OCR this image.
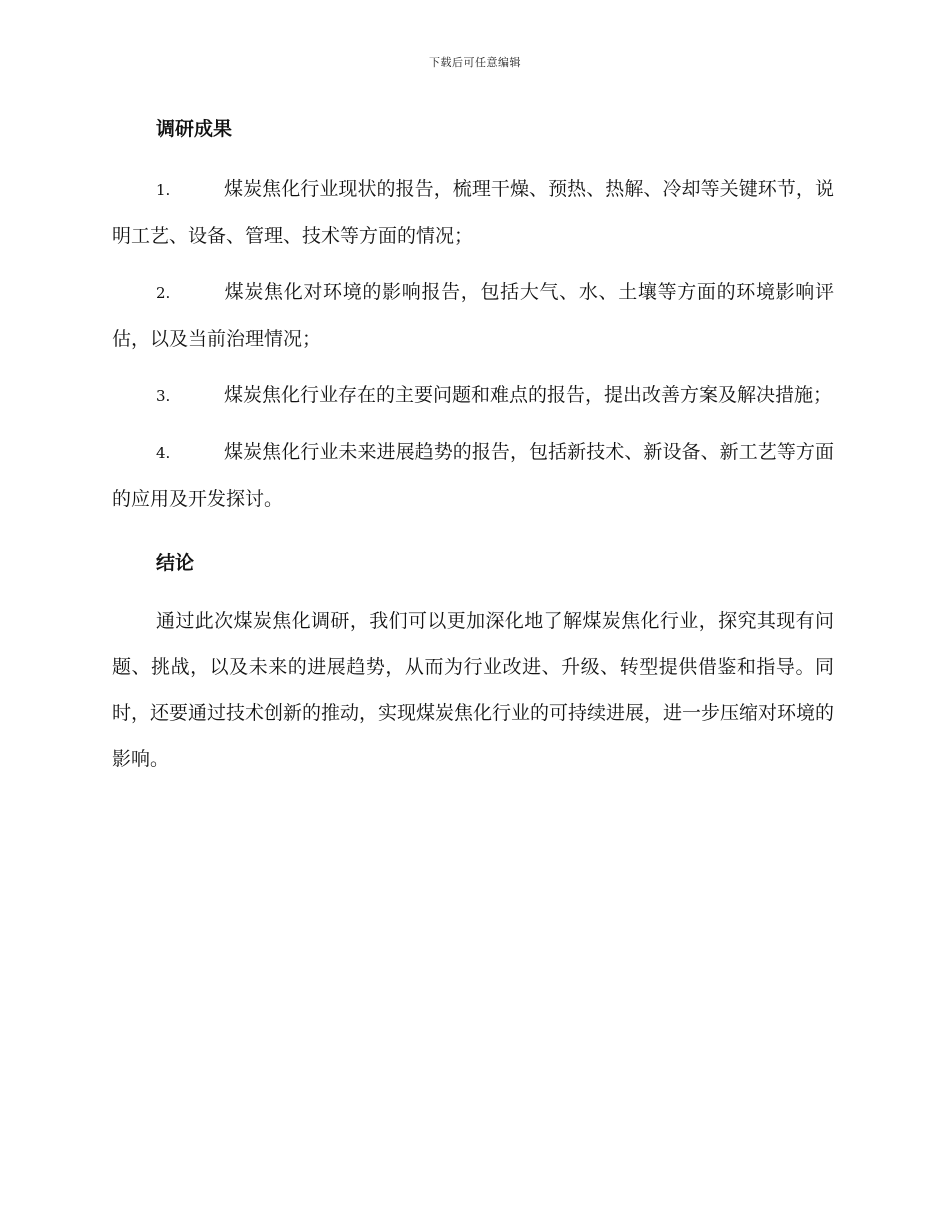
下载后可任意编辑
调研成果
1.	煤炭焦化行业现状的报告，梳理干燥、预热、热解、冷却等关键环节，说明工艺、设备、管理、技术等方面的情况；
2.	煤炭焦化对环境的影响报告，包括大气、水、土壤等方面的环境影响评估，以及当前治理情况；
3.	煤炭焦化行业存在的主要问题和难点的报告，提出改善方案及解决措施；
4.	煤炭焦化行业未来进展趋势的报告，包括新技术、新设备、新工艺等方面的应用及开发探讨。
结论

通过此次煤炭焦化调研，我们可以更加深化地了解煤炭焦化行业，探究其现有问题、挑战，以及未来的进展趋势，从而为行业改进、升级、转型提供借鉴和指导。同时，还要通过技术创新的推动，实现煤炭焦化行业的可持续进展，进一步压缩对环境的影响。
